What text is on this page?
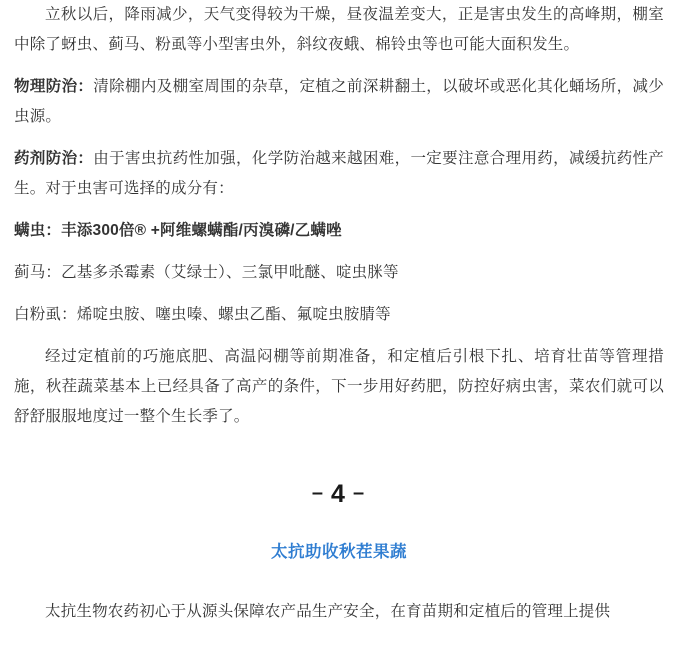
立秋以后，降雨减少，天气变得较为干燥，昼夜温差变大，正是害虫发生的高峰期，棚室中除了蚜虫、蓟马、粉虱等小型害虫外，斜纹夜蛾、棉铃虫等也可能大面积发生。

物理防治：清除棚内及棚室周围的杂草，定植之前深耕翻土，以破坏或恶化其化蛹场所，减少虫源。

药剂防治：由于害虫抗药性加强，化学防治越来越困难，一定要注意合理用药，减缓抗药性产生。对于虫害可选择的成分有：

螨虫：丰添300倍® +阿维螺螨酯/丙溴磷/乙螨唑

蓟马：乙基多杀霉素（艾绿士）、三氯甲吡醚、啶虫脒等

白粉虱：烯啶虫胺、噻虫嗪、螺虫乙酯、氟啶虫胺腈等

经过定植前的巧施底肥、高温闷棚等前期准备，和定植后引根下扎、培育壮苗等管理措施，秋茬蔬菜基本上已经具备了高产的条件，下一步用好药肥，防控好病虫害，菜农们就可以舒舒服服地度过一整个生长季了。

– 4 –
太抗助收秋茬果蔬

太抗生物农药初心于从源头保障农产品生产安全，在育苗期和定植后的管理上提供
